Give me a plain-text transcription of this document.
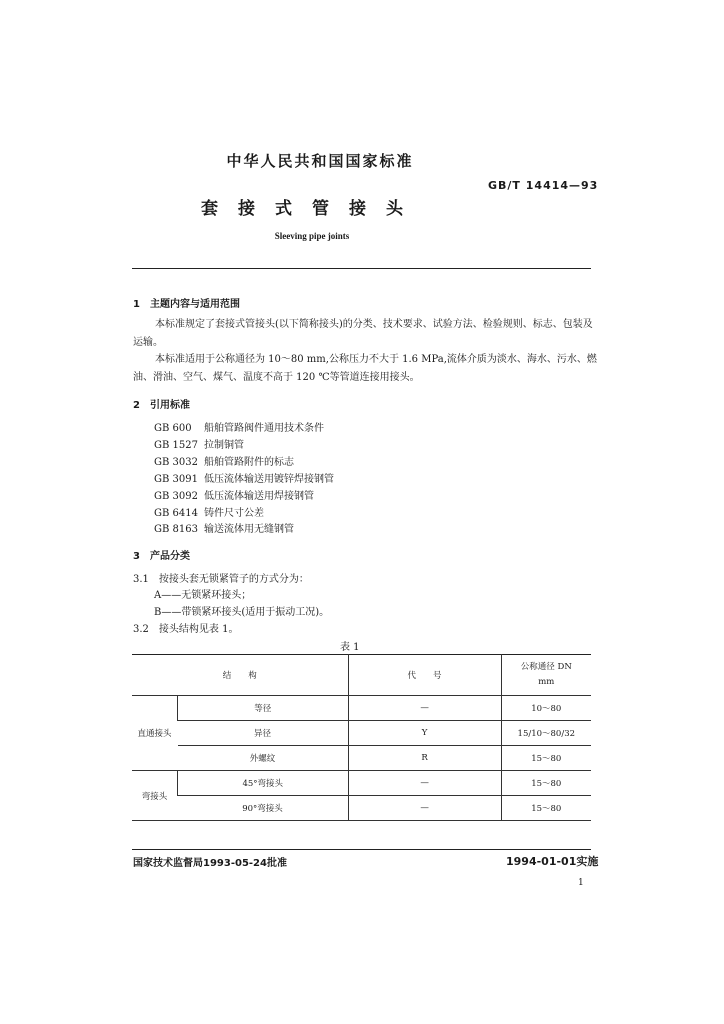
中华人民共和国国家标准
GB/T 14414—93
套接式管接头
Sleeving pipe joints
1　主题内容与适用范围
本标准规定了套接式管接头(以下简称接头)的分类、技术要求、试验方法、检验规则、标志、包装及
运输。
本标准适用于公称通径为 10～80 mm,公称压力不大于 1.6 MPa,流体介质为淡水、海水、污水、燃
油、滑油、空气、煤气、温度不高于 120 ℃等管道连接用接头。
2　引用标准
GB 600 船舶管路阀件通用技术条件
GB 1527 拉制铜管
GB 3032 船舶管路附件的标志
GB 3091 低压流体输送用镀锌焊接钢管
GB 3092 低压流体输送用焊接钢管
GB 6414 铸件尺寸公差
GB 8163 输送流体用无缝钢管
3　产品分类
3.1　按接头套无锁紧管子的方式分为：
A——无锁紧环接头；
B——带锁紧环接头(适用于振动工况)。
3.2　接头结构见表 1。
表 1
结　　构		代　　号	公称通径 DN
mm

直通接头	等径	—	10～80
	异径	Y	15/10～80/32
	外螺纹	R	15～80
弯接头	45°弯接头	—	15～80
	90°弯接头	—	15～80
国家技术监督局1993-05-24批准	1994-01-01实施
1
